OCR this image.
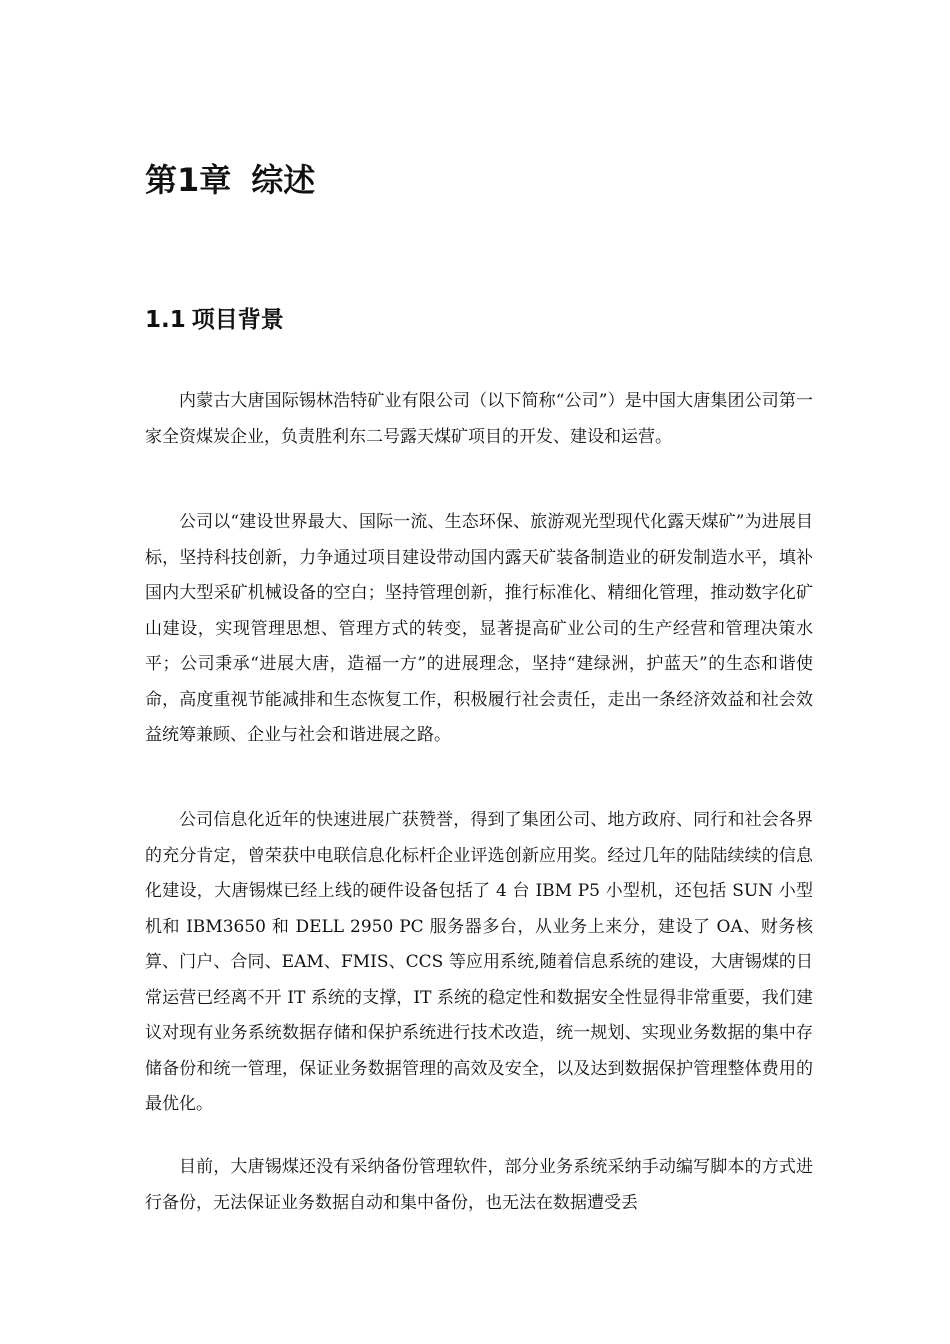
第1章 综述
1.1 项目背景

内蒙古大唐国际锡林浩特矿业有限公司（以下简称“公司”）是中国大唐集团公司第一家全资煤炭企业，负责胜利东二号露天煤矿项目的开发、建设和运营。

公司以“建设世界最大、国际一流、生态环保、旅游观光型现代化露天煤矿”为进展目标，坚持科技创新，力争通过项目建设带动国内露天矿装备制造业的研发制造水平，填补国内大型采矿机械设备的空白；坚持管理创新，推行标准化、精细化管理，推动数字化矿山建设，实现管理思想、管理方式的转变，显著提高矿业公司的生产经营和管理决策水平；公司秉承“进展大唐，造福一方”的进展理念，坚持“建绿洲，护蓝天”的生态和谐使命，高度重视节能减排和生态恢复工作，积极履行社会责任，走出一条经济效益和社会效益统筹兼顾、企业与社会和谐进展之路。

公司信息化近年的快速进展广获赞誉，得到了集团公司、地方政府、同行和社会各界的充分肯定，曾荣获中电联信息化标杆企业评选创新应用奖。经过几年的陆陆续续的信息化建设，大唐锡煤已经上线的硬件设备包括了 4 台 IBM P5 小型机，还包括 SUN 小型机和 IBM3650 和 DELL 2950 PC 服务器多台，从业务上来分，建设了 OA、财务核算、门户、合同、EAM、FMIS、CCS 等应用系统,随着信息系统的建设，大唐锡煤的日常运营已经离不开 IT 系统的支撑，IT 系统的稳定性和数据安全性显得非常重要，我们建议对现有业务系统数据存储和保护系统进行技术改造，统一规划、实现业务数据的集中存储备份和统一管理，保证业务数据管理的高效及安全，以及达到数据保护管理整体费用的最优化。

目前，大唐锡煤还没有采纳备份管理软件，部分业务系统采纳手动编写脚本的方式进行备份，无法保证业务数据自动和集中备份，也无法在数据遭受丢
